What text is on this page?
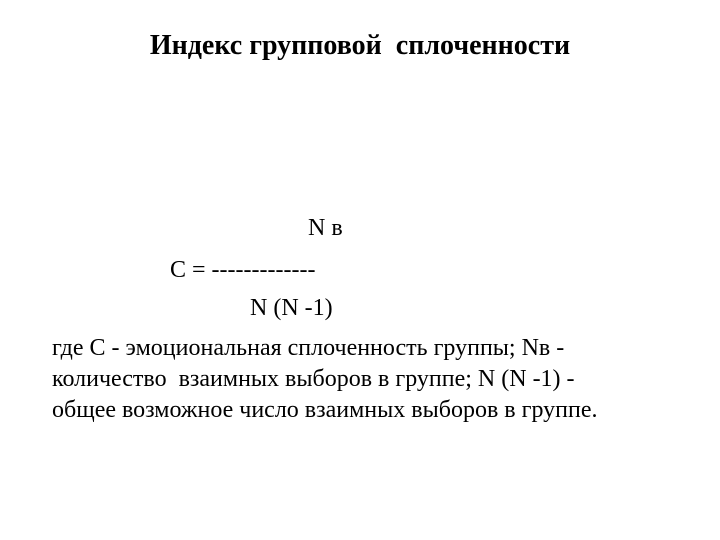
Индекс групповой  сплоченности
N в
С = -------------
N (N -1)
где С - эмоциональная сплоченность группы; Nв -
количество  взаимных выборов в группе; N (N -1) -
общее возможное число взаимных выборов в группе.
